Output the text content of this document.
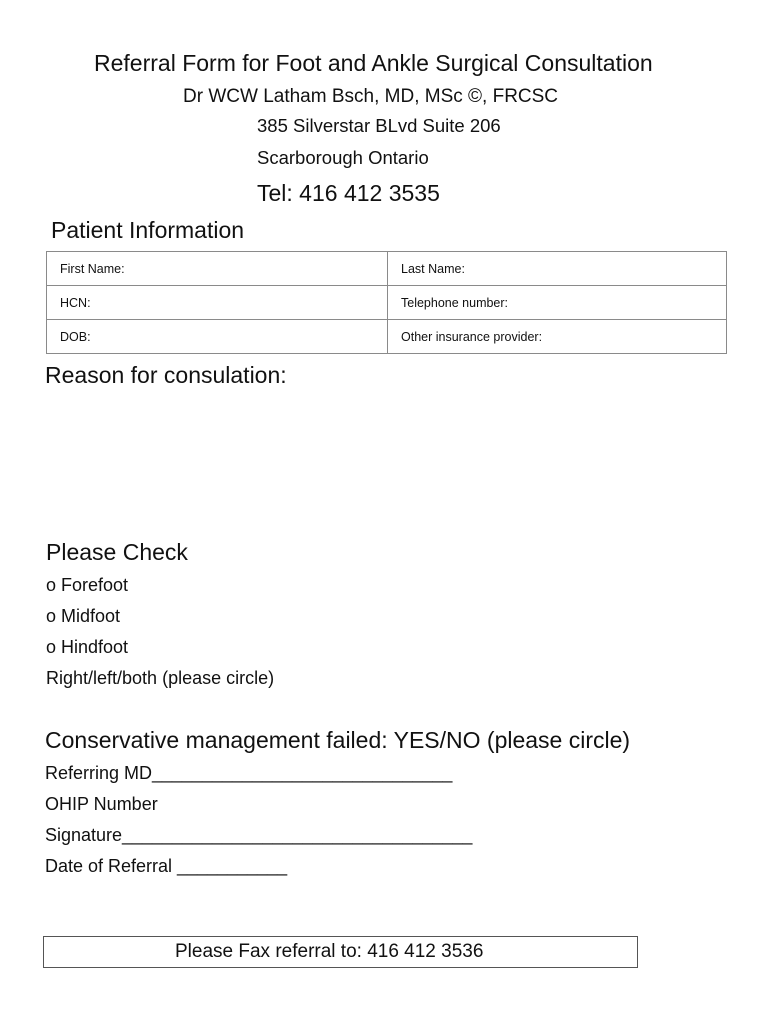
Referral Form for Foot and Ankle Surgical Consultation
Dr WCW Latham Bsch, MD, MSc ©, FRCSC
385 Silverstar BLvd Suite 206
Scarborough Ontario
Tel: 416 412 3535
Patient Information
First Name:	Last Name:
HCN:	Telephone number:
DOB:	Other insurance provider:
Reason for consulation:
Please Check
o Forefoot
o Midfoot
o Hindfoot
Right/left/both (please circle)
Conservative management failed: YES/NO (please circle)
Referring MD______________________________
OHIP Number
Signature___________________________________
Date of Referral ___________
Please Fax referral to: 416 412 3536
